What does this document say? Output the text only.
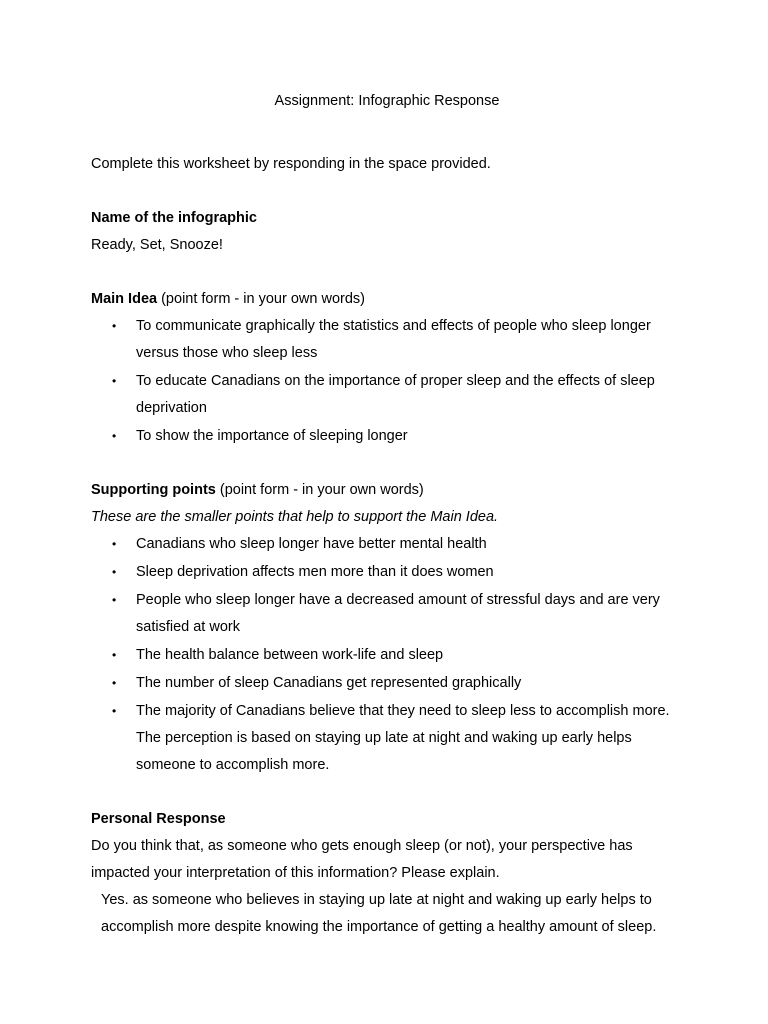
Assignment: Infographic Response

Complete this worksheet by responding in the space provided.

Name of the infographic

Ready, Set, Snooze!

Main Idea (point form - in your own words)

• To communicate graphically the statistics and effects of people who sleep longer versus those who sleep less
• To educate Canadians on the importance of proper sleep and the effects of sleep deprivation
• To show the importance of sleeping longer

Supporting points (point form - in your own words)

These are the smaller points that help to support the Main Idea.

• Canadians who sleep longer have better mental health
• Sleep deprivation affects men more than it does women
• People who sleep longer have a decreased amount of stressful days and are very satisfied at work
• The health balance between work-life and sleep
• The number of sleep Canadians get represented graphically
• The majority of Canadians believe that they need to sleep less to accomplish more. The perception is based on staying up late at night and waking up early helps someone to accomplish more.

Personal Response

Do you think that, as someone who gets enough sleep (or not), your perspective has impacted your interpretation of this information? Please explain.

Yes. as someone who believes in staying up late at night and waking up early helps to accomplish more despite knowing the importance of getting a healthy amount of sleep.
